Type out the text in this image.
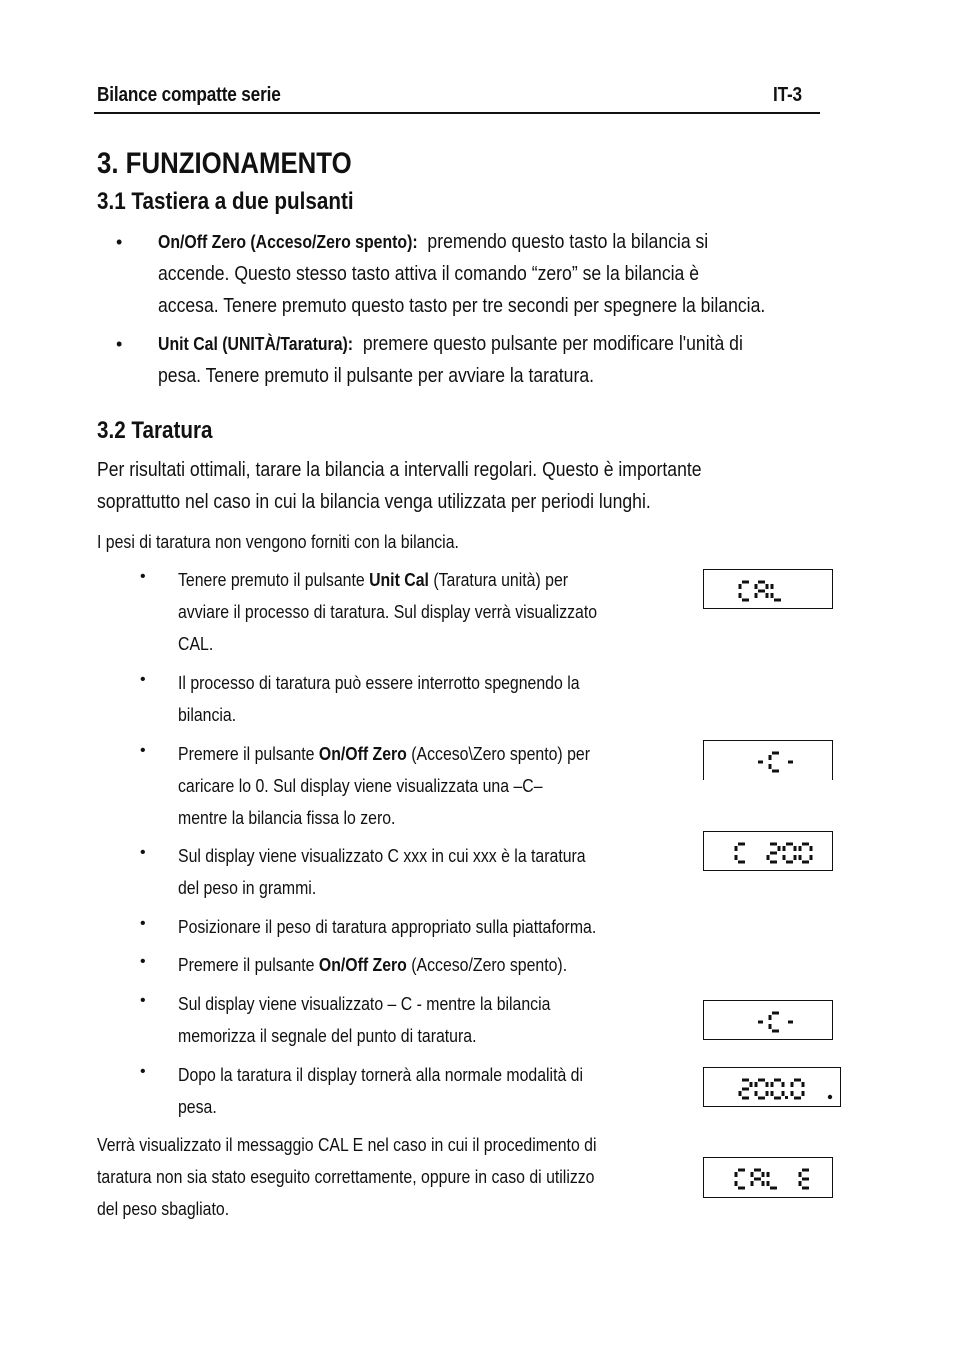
Bilance compatte serie	IT-3
3. FUNZIONAMENTO
3.1 Tastiera a due pulsanti
• On/Off Zero (Acceso/Zero spento): premendo questo tasto la bilancia si
accende. Questo stesso tasto attiva il comando “zero” se la bilancia è
accesa. Tenere premuto questo tasto per tre secondi per spegnere la bilancia.
• Unit Cal (UNITÀ/Taratura): premere questo pulsante per modificare l'unità di
pesa. Tenere premuto il pulsante per avviare la taratura.
3.2 Taratura
Per risultati ottimali, tarare la bilancia a intervalli regolari. Questo è importante
soprattutto nel caso in cui la bilancia venga utilizzata per periodi lunghi.
I pesi di taratura non vengono forniti con la bilancia.
• Tenere premuto il pulsante Unit Cal (Taratura unità) per
avviare il processo di taratura. Sul display verrà visualizzato
CAL.
• Il processo di taratura può essere interrotto spegnendo la
bilancia.
• Premere il pulsante On/Off Zero (Acceso\Zero spento) per
caricare lo 0. Sul display viene visualizzata una –C–
mentre la bilancia fissa lo zero.
• Sul display viene visualizzato C xxx in cui xxx è la taratura
del peso in grammi.
• Posizionare il peso di taratura appropriato sulla piattaforma.
• Premere il pulsante On/Off Zero (Acceso/Zero spento).
• Sul display viene visualizzato – C - mentre la bilancia
memorizza il segnale del punto di taratura.
• Dopo la taratura il display tornerà alla normale modalità di
pesa.
Verrà visualizzato il messaggio CAL E nel caso in cui il procedimento di
taratura non sia stato eseguito correttamente, oppure in caso di utilizzo
del peso sbagliato.
